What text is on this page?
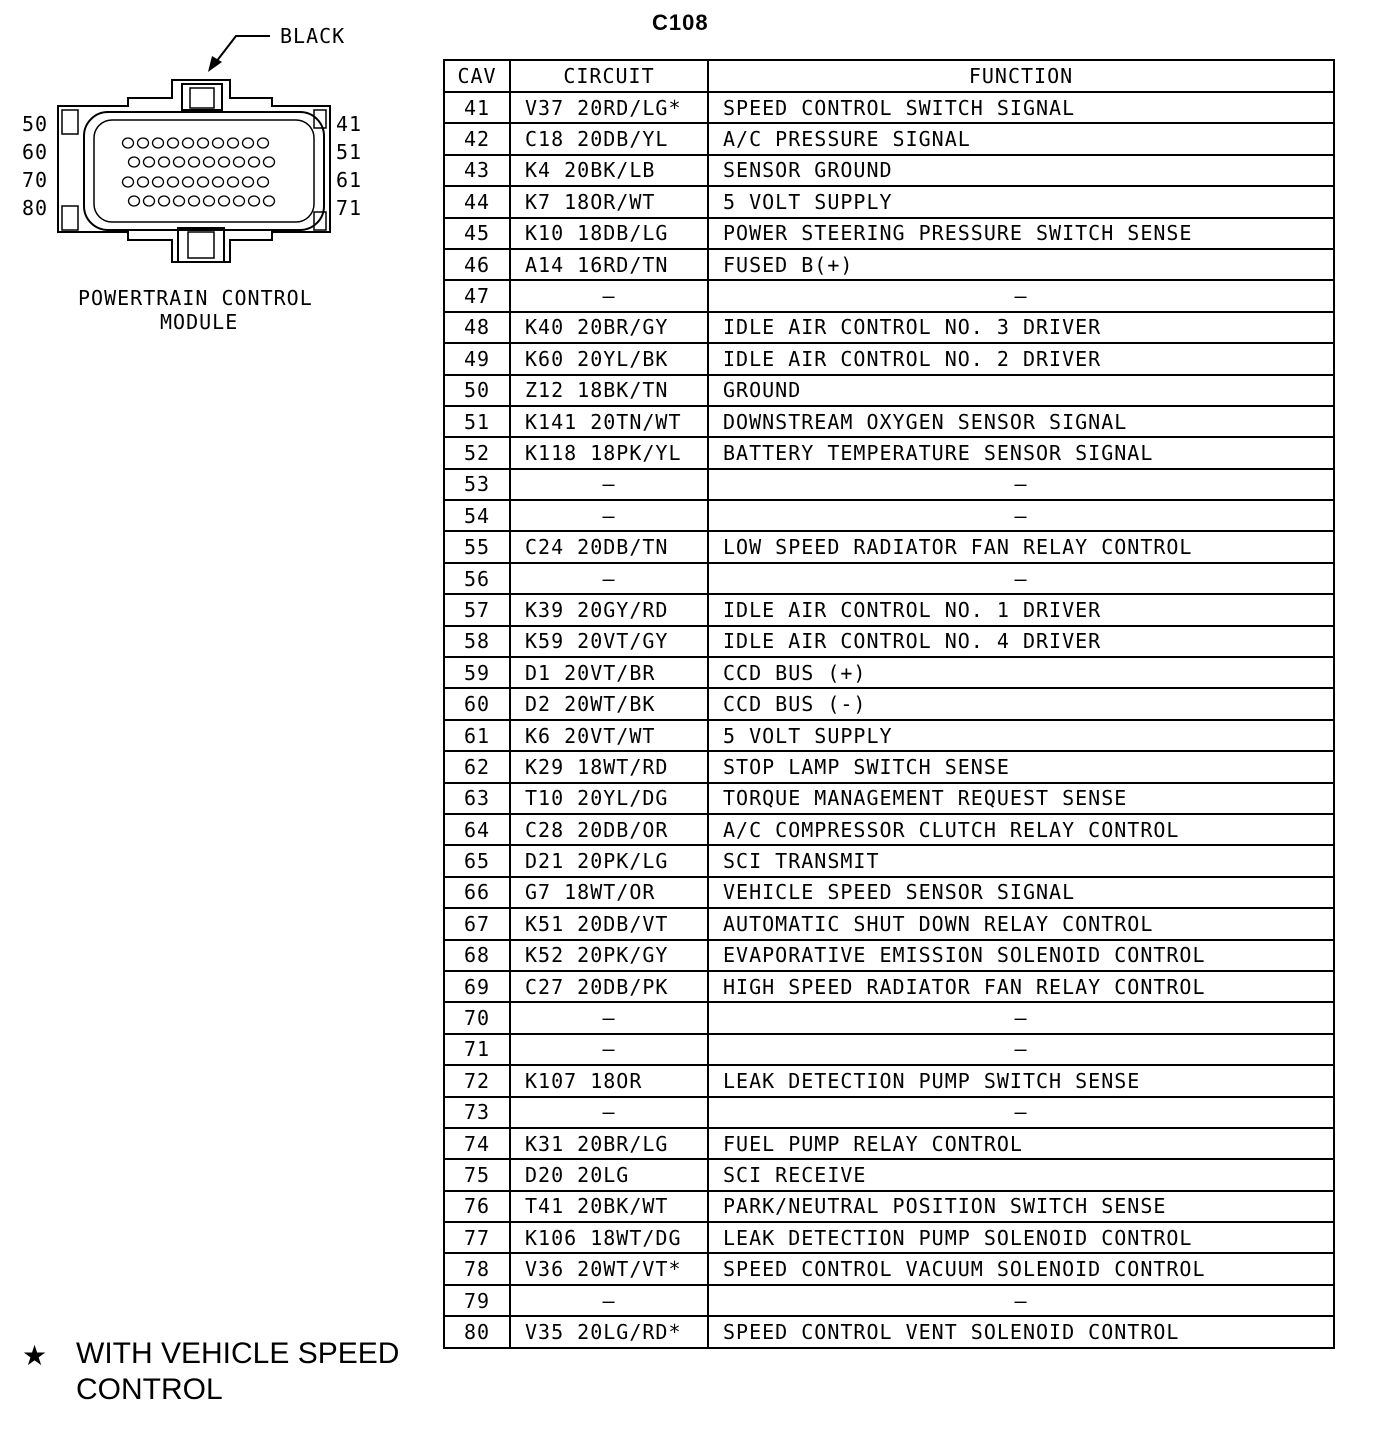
C108
BLACK
50
60
70
80
41
51
61
71
POWERTRAIN CONTROL
MODULE
CAV	CIRCUIT	FUNCTION
41	V37 20RD/LG*	SPEED CONTROL SWITCH SIGNAL
42	C18 20DB/YL	A/C PRESSURE SIGNAL
43	K4 20BK/LB	SENSOR GROUND
44	K7 18OR/WT	5 VOLT SUPPLY
45	K10 18DB/LG	POWER STEERING PRESSURE SWITCH SENSE
46	A14 16RD/TN	FUSED B(+)
47	–	–
48	K40 20BR/GY	IDLE AIR CONTROL NO. 3 DRIVER
49	K60 20YL/BK	IDLE AIR CONTROL NO. 2 DRIVER
50	Z12 18BK/TN	GROUND
51	K141 20TN/WT	DOWNSTREAM OXYGEN SENSOR SIGNAL
52	K118 18PK/YL	BATTERY TEMPERATURE SENSOR SIGNAL
53	–	–
54	–	–
55	C24 20DB/TN	LOW SPEED RADIATOR FAN RELAY CONTROL
56	–	–
57	K39 20GY/RD	IDLE AIR CONTROL NO. 1 DRIVER
58	K59 20VT/GY	IDLE AIR CONTROL NO. 4 DRIVER
59	D1 20VT/BR	CCD BUS (+)
60	D2 20WT/BK	CCD BUS (-)
61	K6 20VT/WT	5 VOLT SUPPLY
62	K29 18WT/RD	STOP LAMP SWITCH SENSE
63	T10 20YL/DG	TORQUE MANAGEMENT REQUEST SENSE
64	C28 20DB/OR	A/C COMPRESSOR CLUTCH RELAY CONTROL
65	D21 20PK/LG	SCI TRANSMIT
66	G7 18WT/OR	VEHICLE SPEED SENSOR SIGNAL
67	K51 20DB/VT	AUTOMATIC SHUT DOWN RELAY CONTROL
68	K52 20PK/GY	EVAPORATIVE EMISSION SOLENOID CONTROL
69	C27 20DB/PK	HIGH SPEED RADIATOR FAN RELAY CONTROL
70	–	–
71	–	–
72	K107 18OR	LEAK DETECTION PUMP SWITCH SENSE
73	–	–
74	K31 20BR/LG	FUEL PUMP RELAY CONTROL
75	D20 20LG	SCI RECEIVE
76	T41 20BK/WT	PARK/NEUTRAL POSITION SWITCH SENSE
77	K106 18WT/DG	LEAK DETECTION PUMP SOLENOID CONTROL
78	V36 20WT/VT*	SPEED CONTROL VACUUM SOLENOID CONTROL
79	–	–
80	V35 20LG/RD*	SPEED CONTROL VENT SOLENOID CONTROL
★ WITH VEHICLE SPEED CONTROL
